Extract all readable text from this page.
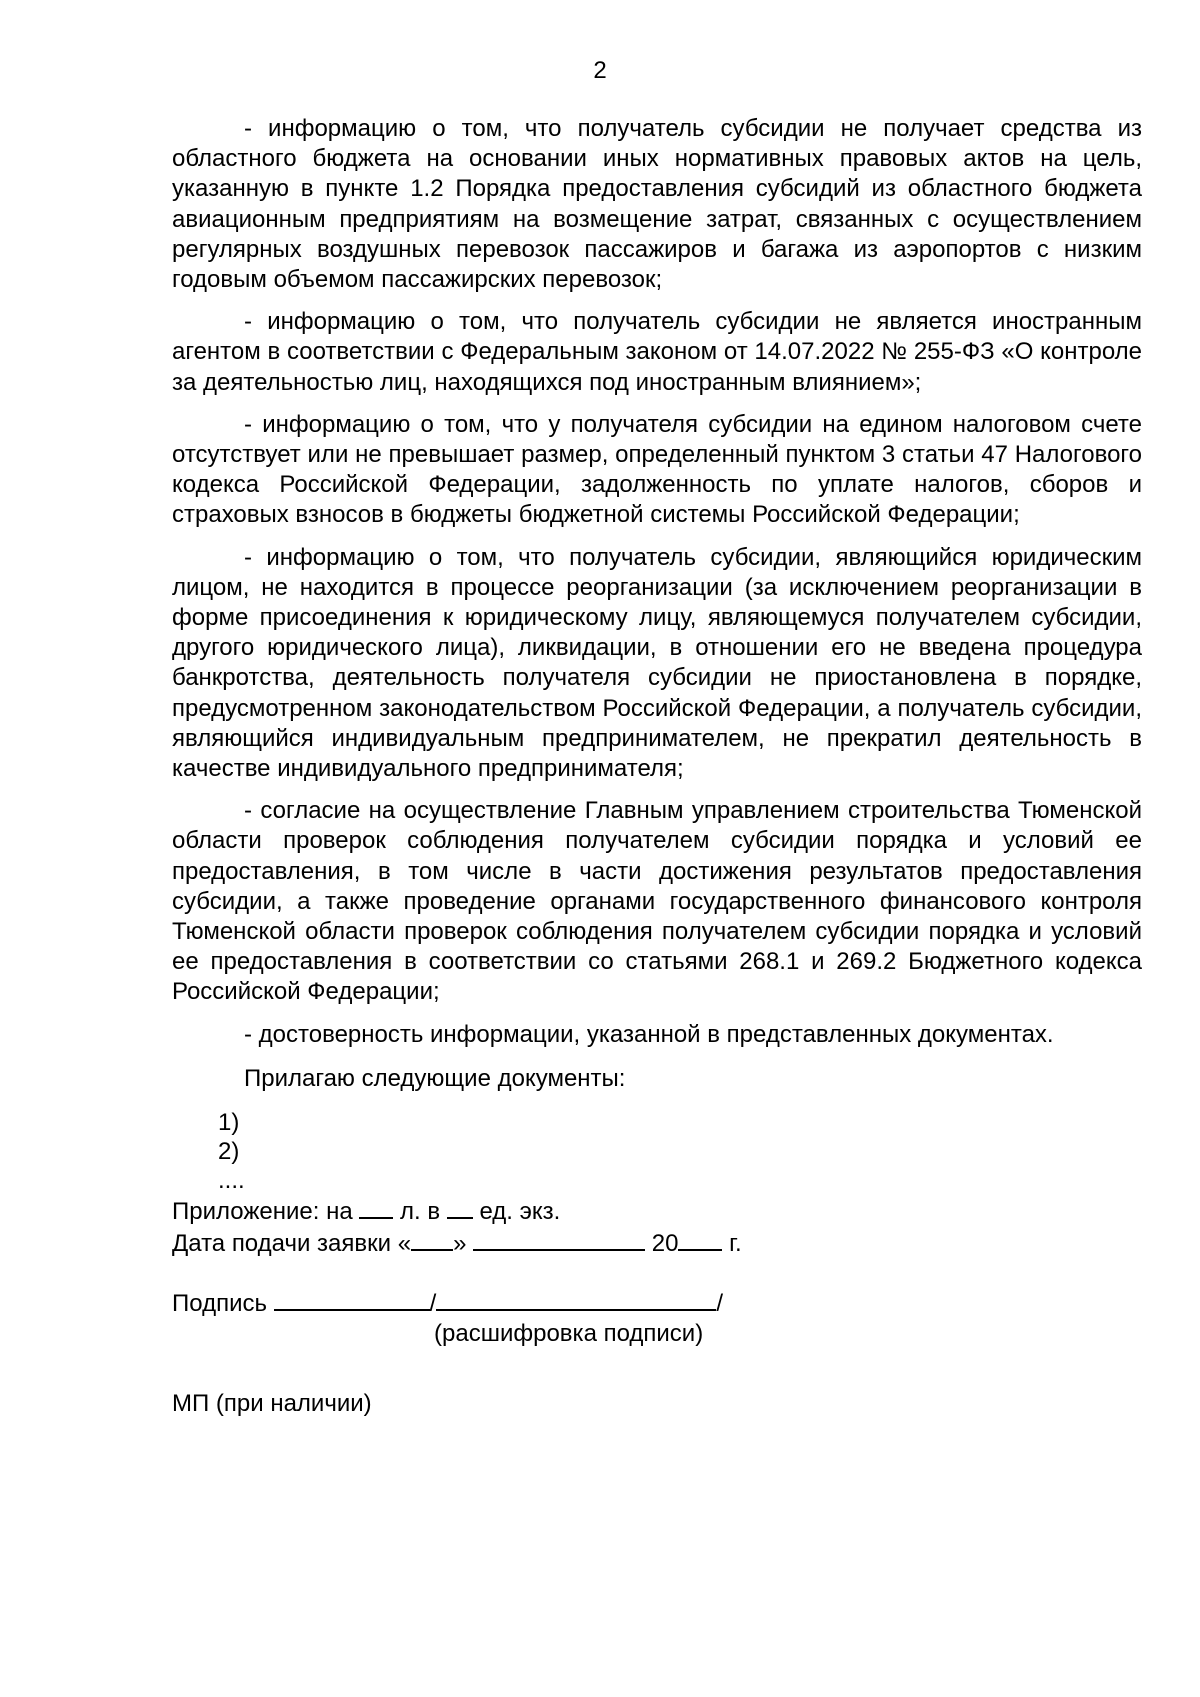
2

- информацию о том, что получатель субсидии не получает средства из областного бюджета на основании иных нормативных правовых актов на цель, указанную в пункте 1.2 Порядка предоставления субсидий из областного бюджета авиационным предприятиям на возмещение затрат, связанных с осуществлением регулярных воздушных перевозок пассажиров и багажа из аэропортов с низким годовым объемом пассажирских перевозок;

- информацию о том, что получатель субсидии не является иностранным агентом в соответствии с Федеральным законом от 14.07.2022 № 255-ФЗ «О контроле за деятельностью лиц, находящихся под иностранным влиянием»;

- информацию о том, что у получателя субсидии на едином налоговом счете отсутствует или не превышает размер, определенный пунктом 3 статьи 47 Налогового кодекса Российской Федерации, задолженность по уплате налогов, сборов и страховых взносов в бюджеты бюджетной системы Российской Федерации;

- информацию о том, что получатель субсидии, являющийся юридическим лицом, не находится в процессе реорганизации (за исключением реорганизации в форме присоединения к юридическому лицу, являющемуся получателем субсидии, другого юридического лица), ликвидации, в отношении его не введена процедура банкротства, деятельность получателя субсидии не приостановлена в порядке, предусмотренном законодательством Российской Федерации, а получатель субсидии, являющийся индивидуальным предпринимателем, не прекратил деятельность в качестве индивидуального предпринимателя;

- согласие на осуществление Главным управлением строительства Тюменской области проверок соблюдения получателем субсидии порядка и условий ее предоставления, в том числе в части достижения результатов предоставления субсидии, а также проведение органами государственного финансового контроля Тюменской области проверок соблюдения получателем субсидии порядка и условий ее предоставления в соответствии со статьями 268.1 и 269.2 Бюджетного кодекса Российской Федерации;

- достоверность информации, указанной в представленных документах.

Прилагаю следующие документы:

1)
2)
....
Приложение: на л. в ед. экз.
Дата подачи заявки « »	20 г.
Подпись	/	/
(расшифровка подписи)
МП (при наличии)
